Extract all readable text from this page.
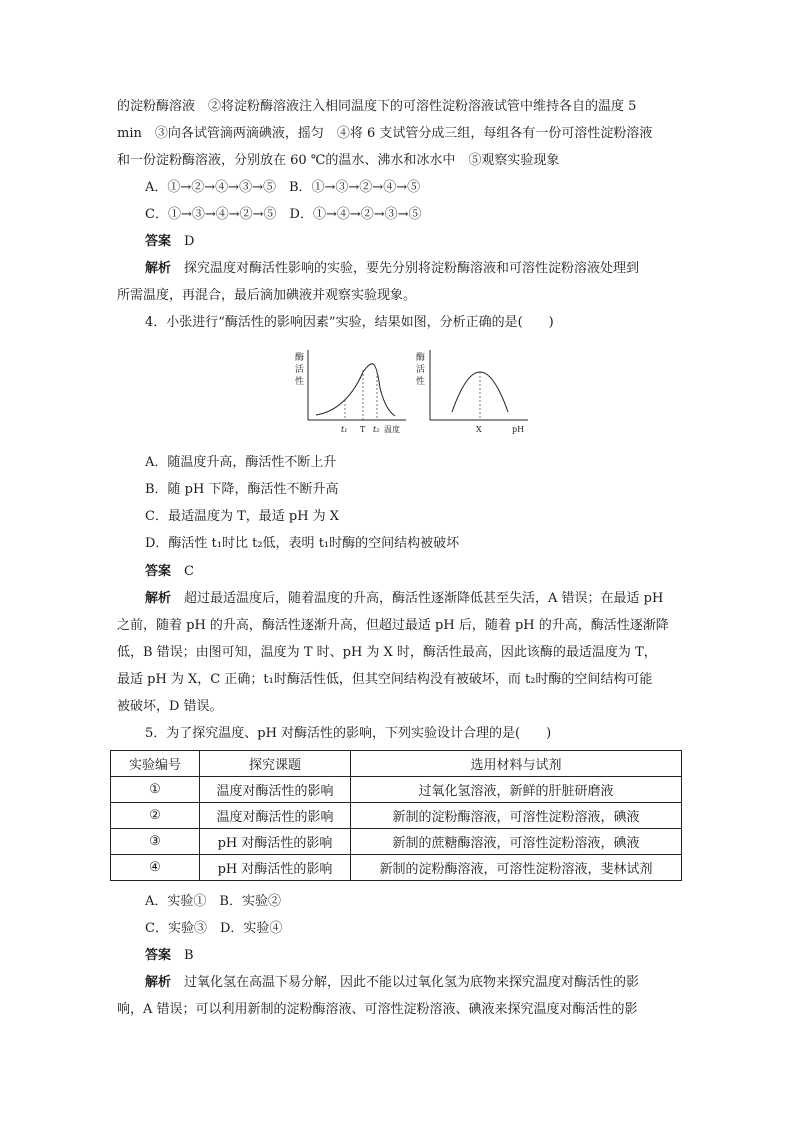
的淀粉酶溶液　②将淀粉酶溶液注入相同温度下的可溶性淀粉溶液试管中维持各自的温度 5
min　③向各试管滴两滴碘液，摇匀　④将 6 支试管分成三组，每组各有一份可溶性淀粉溶液
和一份淀粉酶溶液，分别放在 60 ℃的温水、沸水和冰水中　⑤观察实验现象
A．①→②→④→③→⑤　B．①→③→②→④→⑤
C．①→③→④→②→⑤　D．①→④→②→③→⑤
答案　 D
解析　 探究温度对酶活性影响的实验，要先分别将淀粉酶溶液和可溶性淀粉溶液处理到
所需温度，再混合，最后滴加碘液并观察实验现象。
4．小张进行“酶活性的影响因素”实验，结果如图，分析正确的是(　　)
酶
活
性
t₁ T t₂ 温度
酶
活
性
X	pH
A．随温度升高，酶活性不断上升
B．随 pH 下降，酶活性不断升高
C．最适温度为 T，最适 pH 为 X
D．酶活性 t₁时比 t₂低，表明 t₁时酶的空间结构被破坏
答案　 C
解析　 超过最适温度后，随着温度的升高，酶活性逐渐降低甚至失活，A 错误；在最适 pH
之前，随着 pH 的升高，酶活性逐渐升高，但超过最适 pH 后，随着 pH 的升高，酶活性逐渐降
低，B 错误；由图可知，温度为 T 时、pH 为 X 时，酶活性最高，因此该酶的最适温度为 T，
最适 pH 为 X，C 正确；t₁时酶活性低，但其空间结构没有被破坏，而 t₂时酶的空间结构可能
被破坏，D 错误。
5．为了探究温度、pH 对酶活性的影响，下列实验设计合理的是(　　)
实验编号	探究课题	选用材料与试剂
①	温度对酶活性的影响	过氧化氢溶液，新鲜的肝脏研磨液
②	温度对酶活性的影响	新制的淀粉酶溶液，可溶性淀粉溶液，碘液
③	pH 对酶活性的影响	新制的蔗糖酶溶液，可溶性淀粉溶液，碘液
④	pH 对酶活性的影响	新制的淀粉酶溶液，可溶性淀粉溶液，斐林试剂
A．实验①　B．实验②
C．实验③　D．实验④
答案　 B
解析　 过氧化氢在高温下易分解，因此不能以过氧化氢为底物来探究温度对酶活性的影
响，A 错误；可以利用新制的淀粉酶溶液、可溶性淀粉溶液、碘液来探究温度对酶活性的影
